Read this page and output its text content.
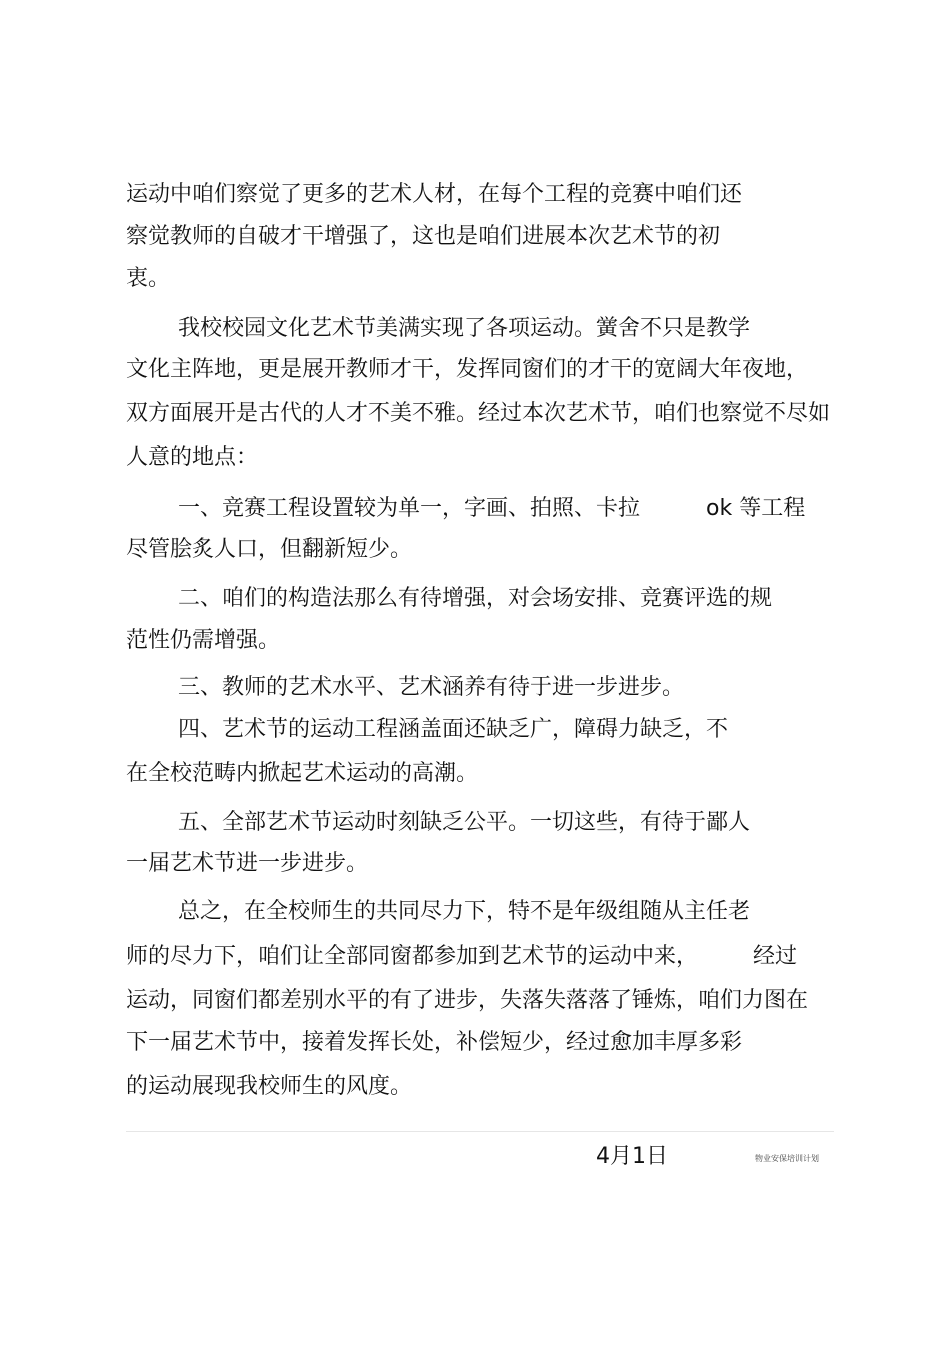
运动中咱们察觉了更多的艺术人材，在每个工程的竞赛中咱们还

察觉教师的自破才干增强了，这也是咱们进展本次艺术节的初

衷。

我校校园文化艺术节美满实现了各项运动。黉舍不只是教学

文化主阵地，更是展开教师才干，发挥同窗们的才干的宽阔大年夜地，

双方面展开是古代的人才不美不雅。经过本次艺术节，咱们也察觉不尽如

人意的地点：

一、竞赛工程设置较为单一，字画、拍照、卡拉　　　ok 等工程

尽管脍炙人口，但翻新短少。

二、咱们的构造法那么有待增强，对会场安排、竞赛评选的规

范性仍需增强。

三、教师的艺术水平、艺术涵养有待于进一步进步。

四、艺术节的运动工程涵盖面还缺乏广，障碍力缺乏，不

在全校范畴内掀起艺术运动的高潮。

五、全部艺术节运动时刻缺乏公平。一切这些，有待于鄙人

一届艺术节进一步进步。

总之，在全校师生的共同尽力下，特不是年级组随从主任老

师的尽力下，咱们让全部同窗都参加到艺术节的运动中来，　　　经过

运动，同窗们都差别水平的有了进步，失落失落落了锤炼，咱们力图在

下一届艺术节中，接着发挥长处，补偿短少，经过愈加丰厚多彩

的运动展现我校师生的风度。

4月1日	物业安保培训计划
